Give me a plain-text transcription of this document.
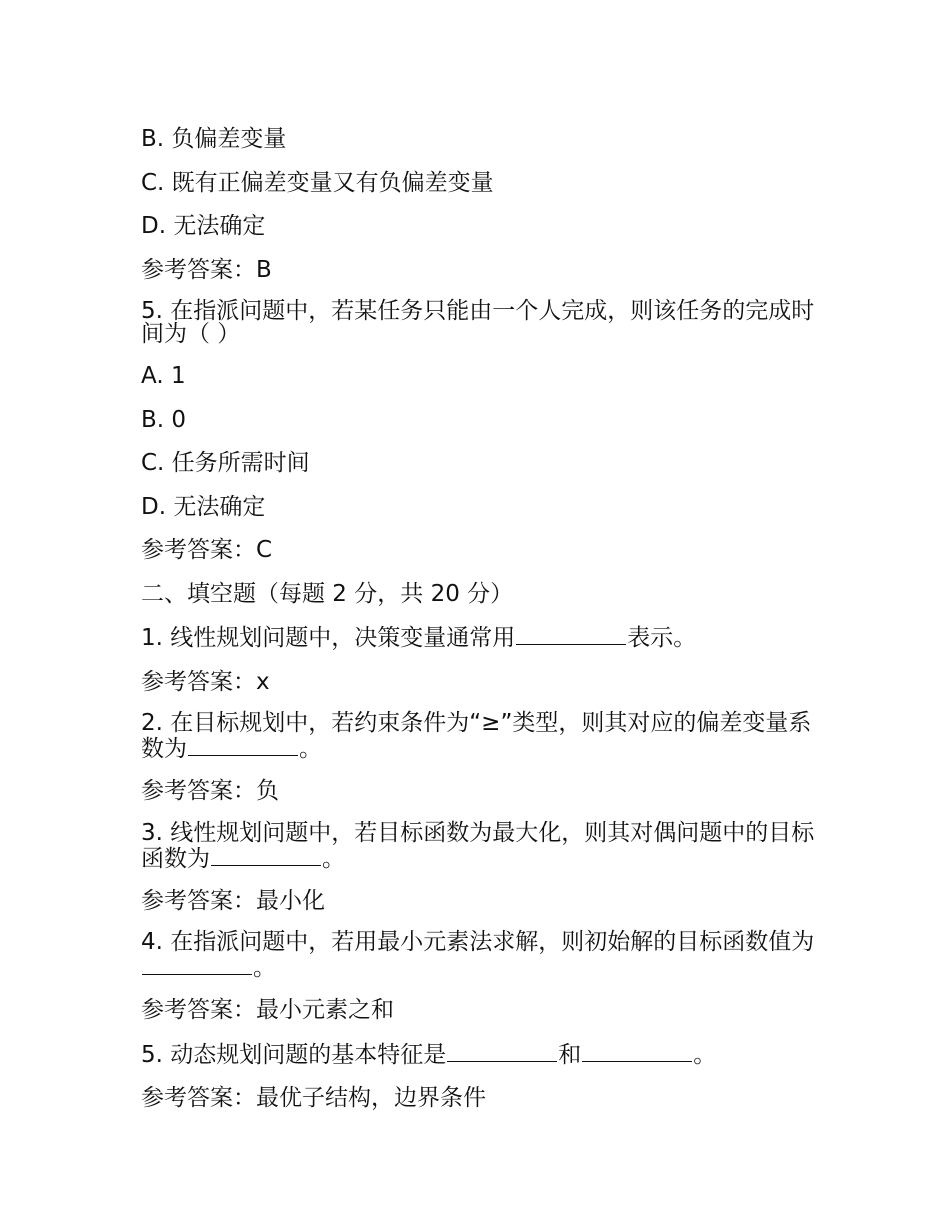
B. 负偏差变量
C. 既有正偏差变量又有负偏差变量
D. 无法确定
参考答案：B
5. 在指派问题中，若某任务只能由一个人完成，则该任务的完成时间为（ ）
A. 1
B. 0
C. 任务所需时间
D. 无法确定
参考答案：C
二、填空题（每题 2 分，共 20 分）
1. 线性规划问题中，决策变量通常用	表示。
参考答案：x
2. 在目标规划中，若约束条件为“≥”类型，则其对应的偏差变量系数为	。
参考答案：负
3. 线性规划问题中，若目标函数为最大化，则其对偶问题中的目标函数为	。
参考答案：最小化
4. 在指派问题中，若用最小元素法求解，则初始解的目标函数值为。
参考答案：最小元素之和
5. 动态规划问题的基本特征是	和	。
参考答案：最优子结构，边界条件
